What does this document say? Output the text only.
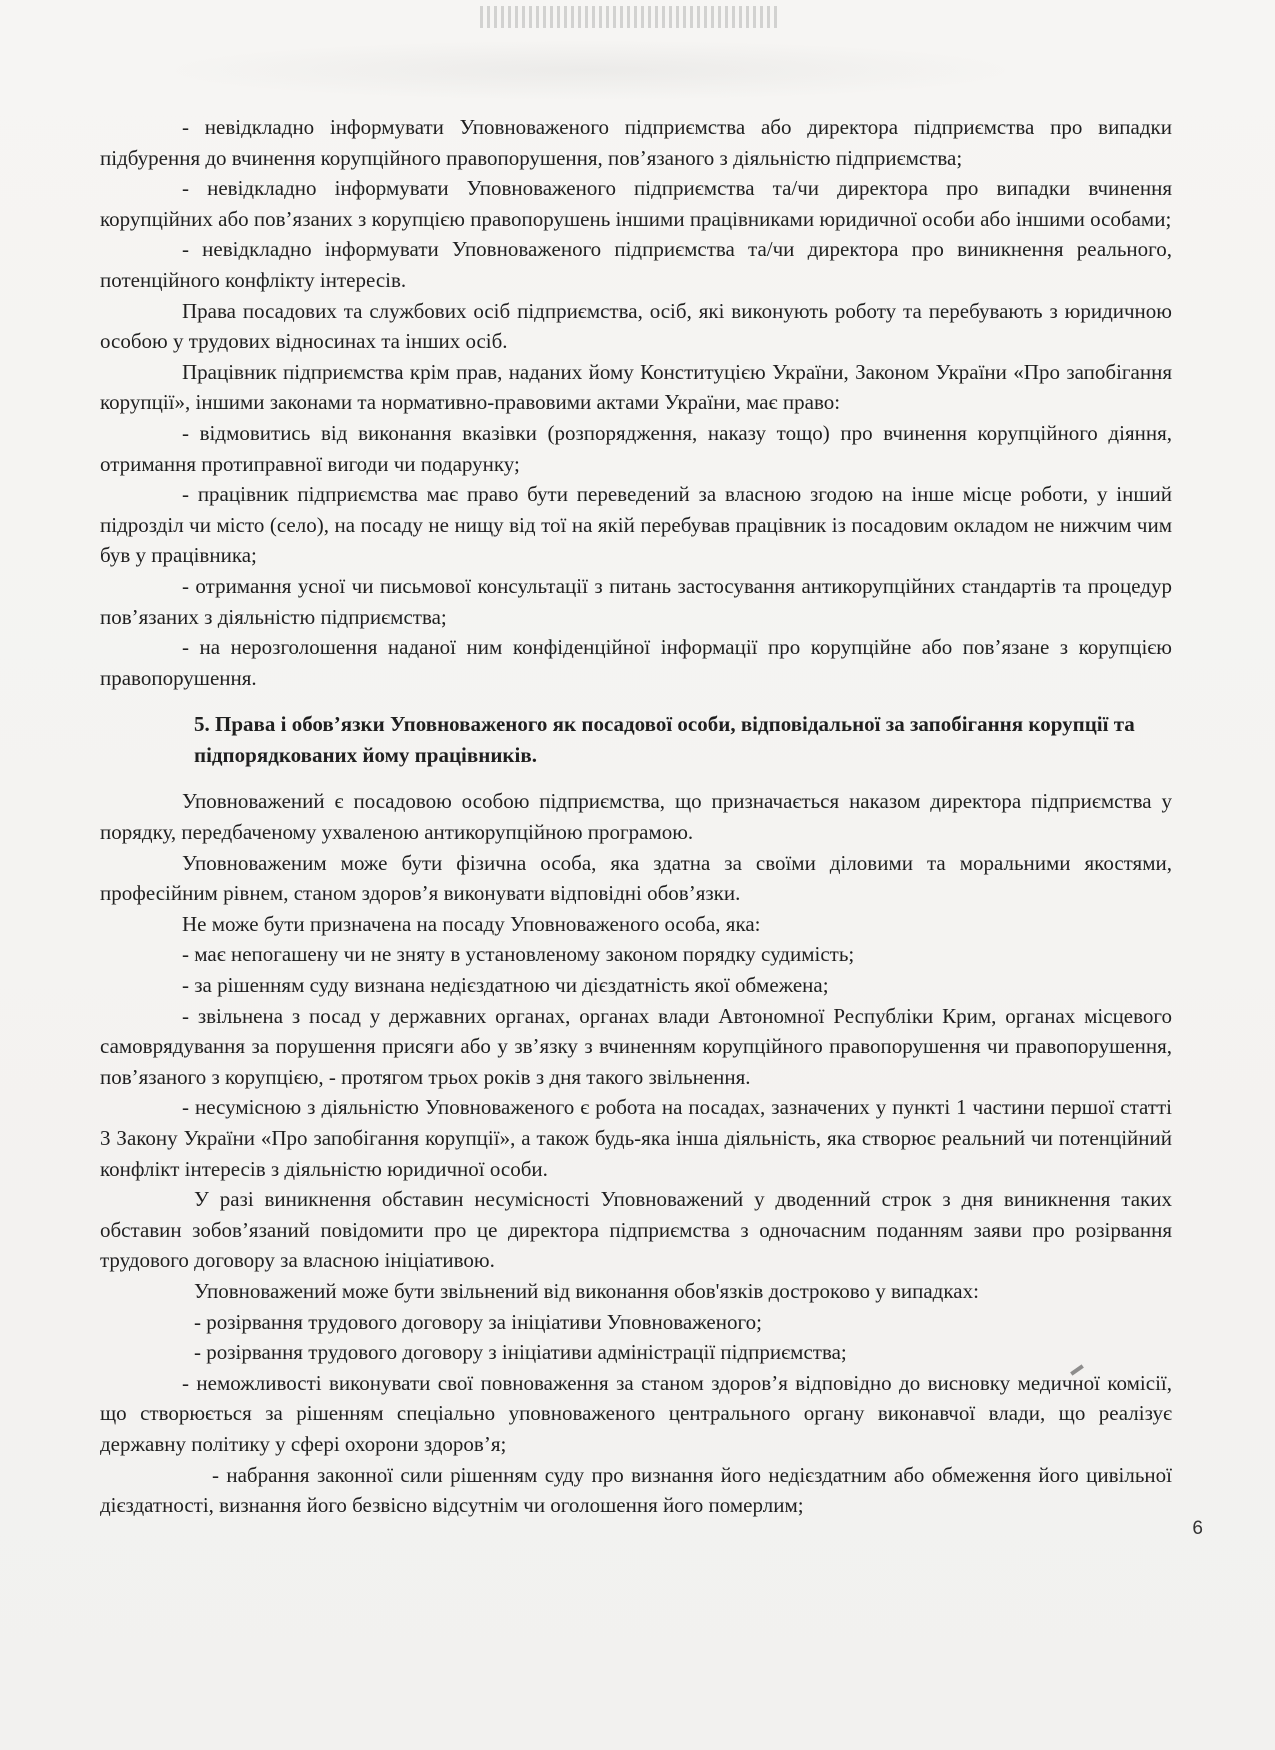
- невідкладно інформувати Уповноваженого підприємства або директора підприємства про випадки підбурення до вчинення корупційного правопорушення, пов’язаного з діяльністю підприємства;

- невідкладно інформувати Уповноваженого підприємства та/чи директора про випадки вчинення корупційних або пов’язаних з корупцією правопорушень іншими працівниками юридичної особи або іншими особами;

- невідкладно інформувати Уповноваженого підприємства та/чи директора про виникнення реального, потенційного конфлікту інтересів.

Права посадових та службових осіб підприємства, осіб, які виконують роботу та перебувають з юридичною особою у трудових відносинах та інших осіб.

Працівник підприємства крім прав, наданих йому Конституцією України, Законом України «Про запобігання корупції», іншими законами та нормативно-правовими актами України, має право:

- відмовитись від виконання вказівки (розпорядження, наказу тощо) про вчинення корупційного діяння, отримання протиправної вигоди чи подарунку;

- працівник підприємства має право бути переведений за власною згодою на інше місце роботи, у інший підрозділ чи місто (село), на посаду не нищу від тої на якій перебував працівник із посадовим окладом не нижчим чим був у працівника;

- отримання усної чи письмової консультації з питань застосування антикорупційних стандартів та процедур пов’язаних з діяльністю підприємства;

- на нерозголошення наданої ним конфіденційної інформації про корупційне або пов’язане з корупцією правопорушення.

5. Права і обов’язки Уповноваженого як посадової особи, відповідальної за запобігання корупції та підпорядкованих йому працівників.

Уповноважений є посадовою особою підприємства, що призначається наказом директора підприємства у порядку, передбаченому ухваленою антикорупційною програмою.

Уповноваженим може бути фізична особа, яка здатна за своїми діловими та моральними якостями, професійним рівнем, станом здоров’я виконувати відповідні обов’язки.

Не може бути призначена на посаду Уповноваженого особа, яка:

- має непогашену чи не зняту в установленому законом порядку судимість;

- за рішенням суду визнана недієздатною чи дієздатність якої обмежена;

- звільнена з посад у державних органах, органах влади Автономної Республіки Крим, органах місцевого самоврядування за порушення присяги або у зв’язку з вчиненням корупційного правопорушення чи правопорушення, пов’язаного з корупцією, - протягом трьох років з дня такого звільнення.

- несумісною з діяльністю Уповноваженого є робота на посадах, зазначених у пункті 1 частини першої статті 3 Закону України «Про запобігання корупції», а також будь-яка інша діяльність, яка створює реальний чи потенційний конфлікт інтересів з діяльністю юридичної особи.

У разі виникнення обставин несумісності Уповноважений у дводенний строк з дня виникнення таких обставин зобов’язаний повідомити про це директора підприємства з одночасним поданням заяви про розірвання трудового договору за власною ініціативою.

Уповноважений може бути звільнений від виконання обов'язків достроково у випадках:

- розірвання трудового договору за ініціативи Уповноваженого;

- розірвання трудового договору з ініціативи адміністрації підприємства;

- неможливості виконувати свої повноваження за станом здоров’я відповідно до висновку медичної комісії, що створюється за рішенням спеціально уповноваженого центрального органу виконавчої влади, що реалізує державну політику у сфері охорони здоров’я;

- набрання законної сили рішенням суду про визнання його недієздатним або обмеження його цивільної дієздатності, визнання його безвісно відсутнім чи оголошення його померлим;

6
